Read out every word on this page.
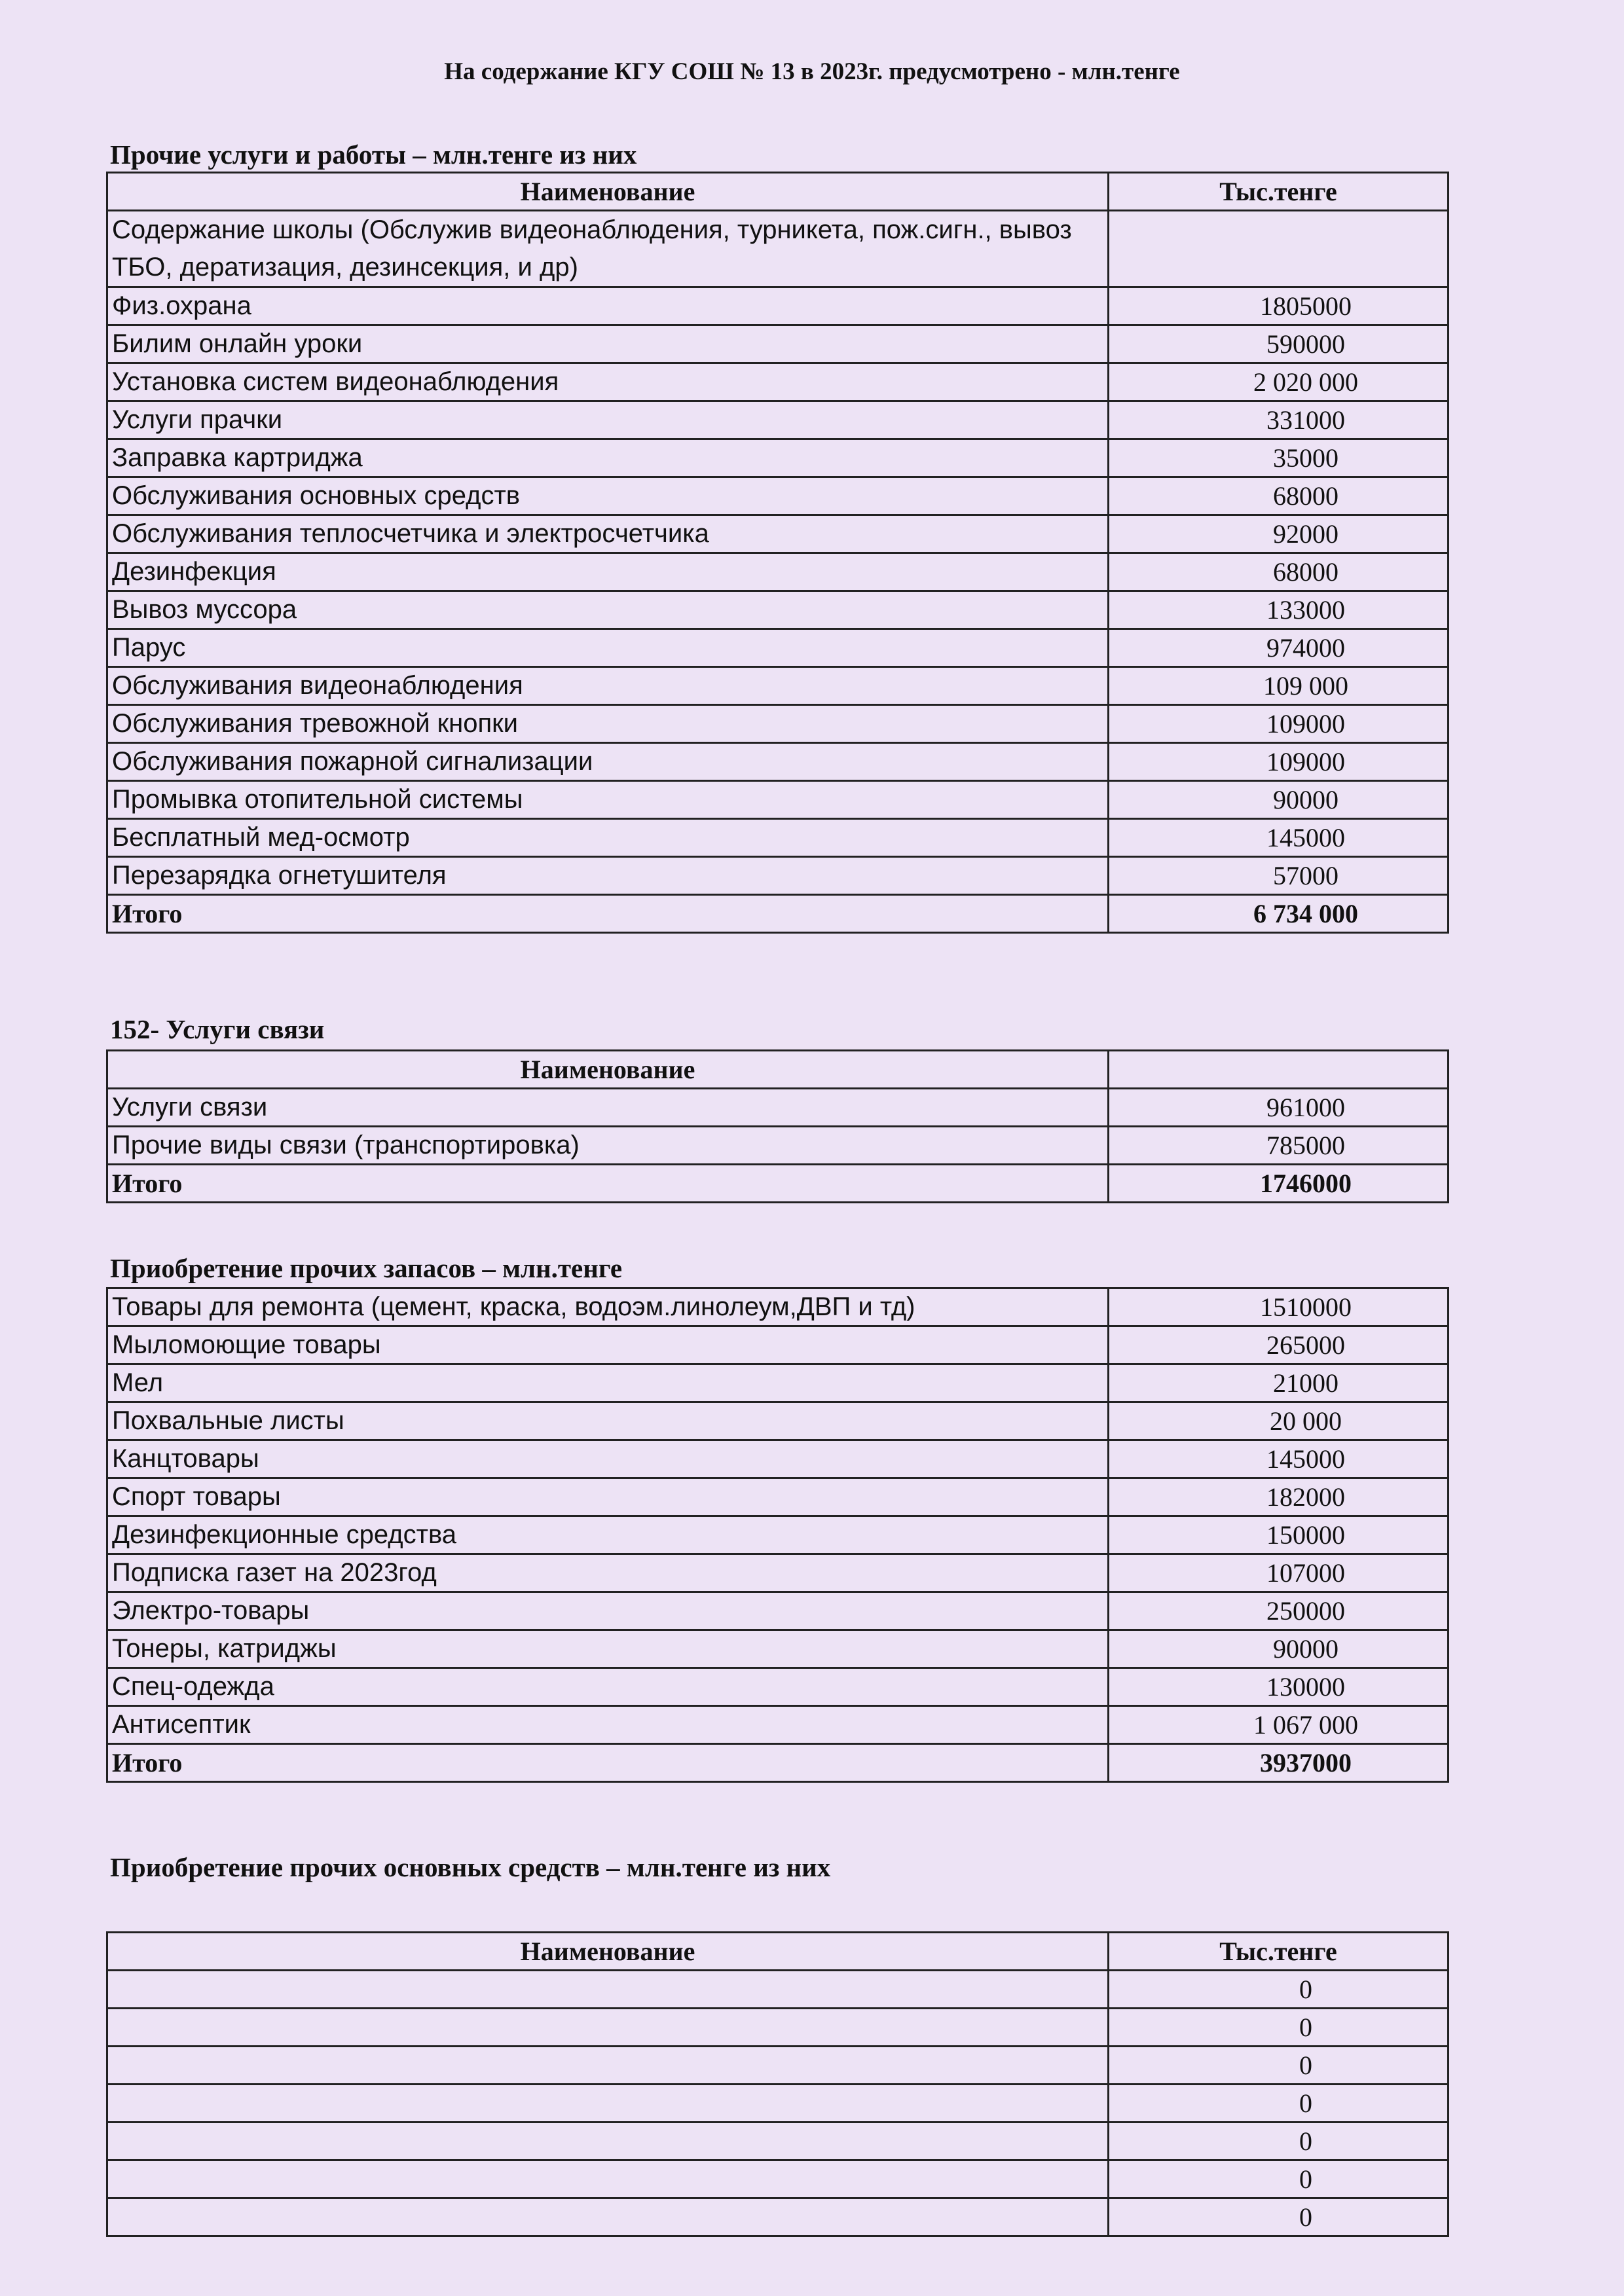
На содержание КГУ СОШ № 13 в 2023г. предусмотрено - млн.тенге
Прочие услуги и работы – млн.тенге из них
Наименование	Тыс.тенге
Содержание школы (Обслужив видеонаблюдения, турникета, пож.сигн., вывоз ТБО, дератизация, дезинсекция, и др)	
Физ.охрана	1805000
Билим онлайн уроки	590000
Установка систем видеонаблюдения	2 020 000
Услуги прачки	331000
Заправка картриджа	35000
Обслуживания основных средств	68000
Обслуживания теплосчетчика и электросчетчика	92000
Дезинфекция	68000
Вывоз муссора	133000
Парус	974000
Обслуживания видеонаблюдения	109 000
Обслуживания тревожной кнопки	109000
Обслуживания пожарной сигнализации	109000
Промывка отопительной системы	90000
Бесплатный мед-осмотр	145000
Перезарядка огнетушителя	57000
Итого	6 734 000
152- Услуги связи
Наименование	
Услуги связи	961000
Прочие виды связи (транспортировка)	785000
Итого	1746000
Приобретение прочих запасов – млн.тенге
Товары для ремонта (цемент, краска, водоэм.линолеум,ДВП и тд)	1510000
Мыломоющие товары	265000
Мел	21000
Похвальные листы	20 000
Канцтовары	145000
Спорт товары	182000
Дезинфекционные средства	150000
Подписка газет на 2023год	107000
Электро-товары	250000
Тонеры, катриджы	90000
Спец-одежда	130000
Антисептик	1 067 000
Итого	3937000
Приобретение прочих основных средств – млн.тенге из них
Наименование	Тыс.тенге
	0
	0
	0
	0
	0
	0
	0
